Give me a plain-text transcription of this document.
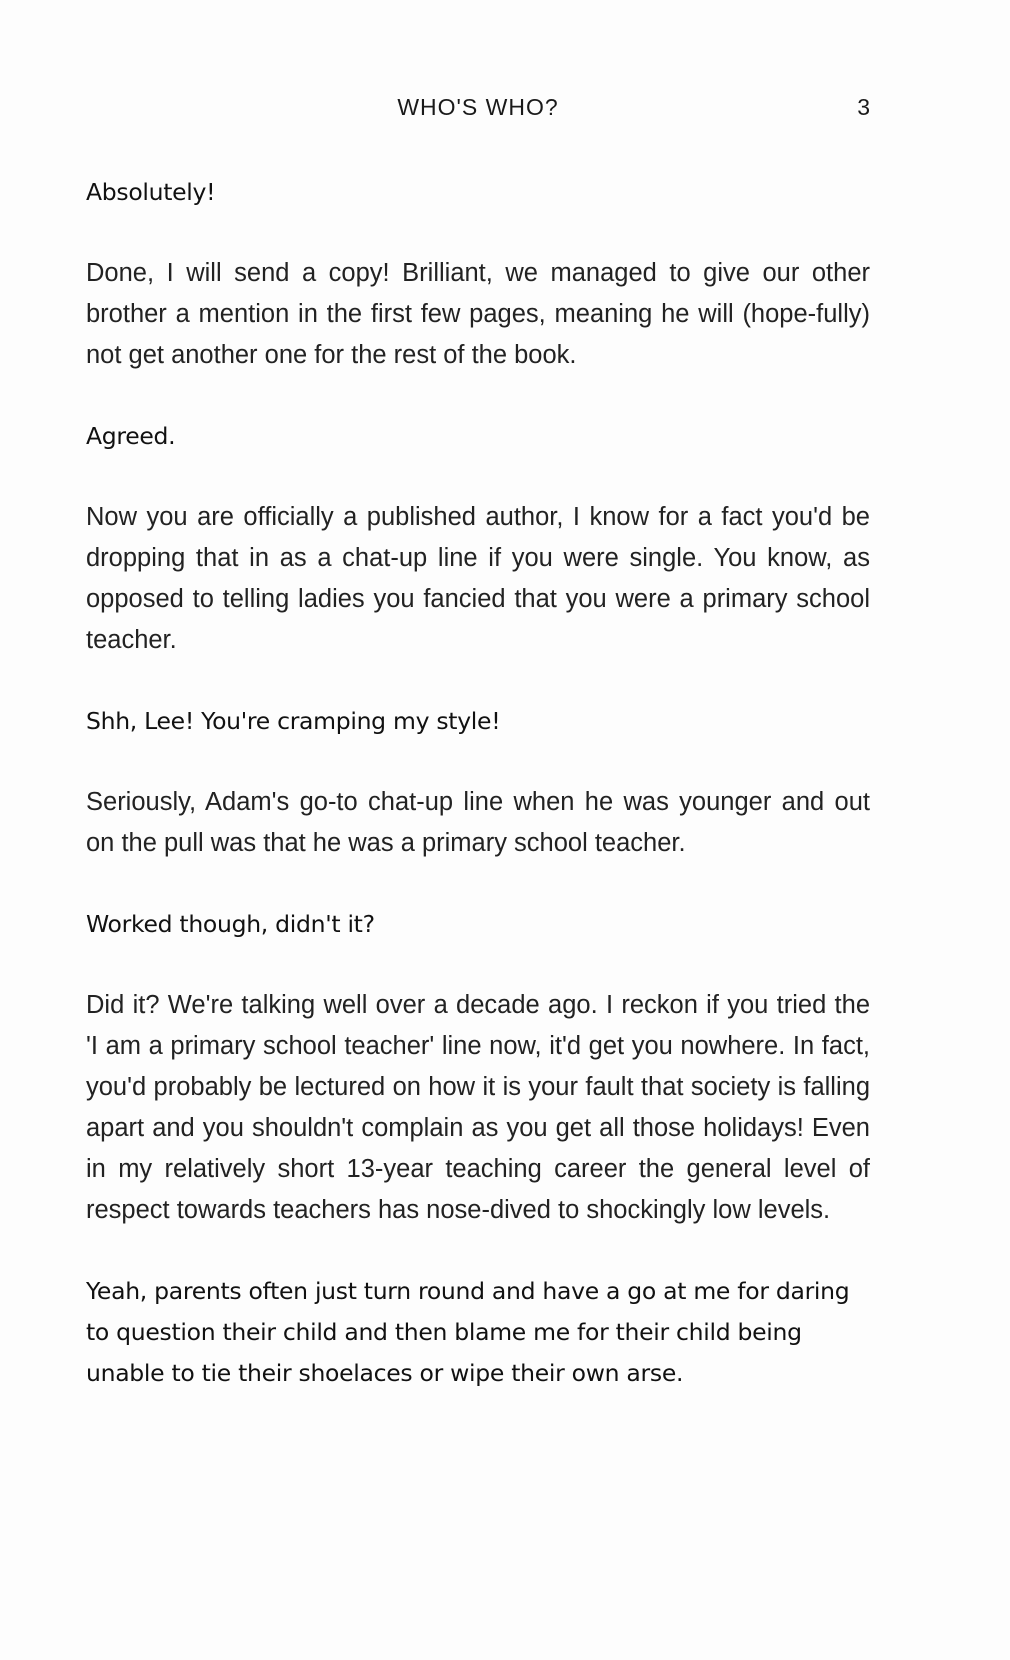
WHO'S WHO?	3

Absolutely!

Done, I will send a copy! Brilliant, we managed to give our other brother a mention in the first few pages, meaning he will (hope-fully) not get another one for the rest of the book.

Agreed.

Now you are officially a published author, I know for a fact you'd be dropping that in as a chat-up line if you were single. You know, as opposed to telling ladies you fancied that you were a primary school teacher.

Shh, Lee! You're cramping my style!

Seriously, Adam's go-to chat-up line when he was younger and out on the pull was that he was a primary school teacher.

Worked though, didn't it?

Did it? We're talking well over a decade ago. I reckon if you tried the 'I am a primary school teacher' line now, it'd get you nowhere. In fact, you'd probably be lectured on how it is your fault that society is falling apart and you shouldn't complain as you get all those holidays! Even in my relatively short 13-year teaching career the general level of respect towards teachers has nose-dived to shockingly low levels.

Yeah, parents often just turn round and have a go at me for daring to question their child and then blame me for their child being unable to tie their shoelaces or wipe their own arse.
